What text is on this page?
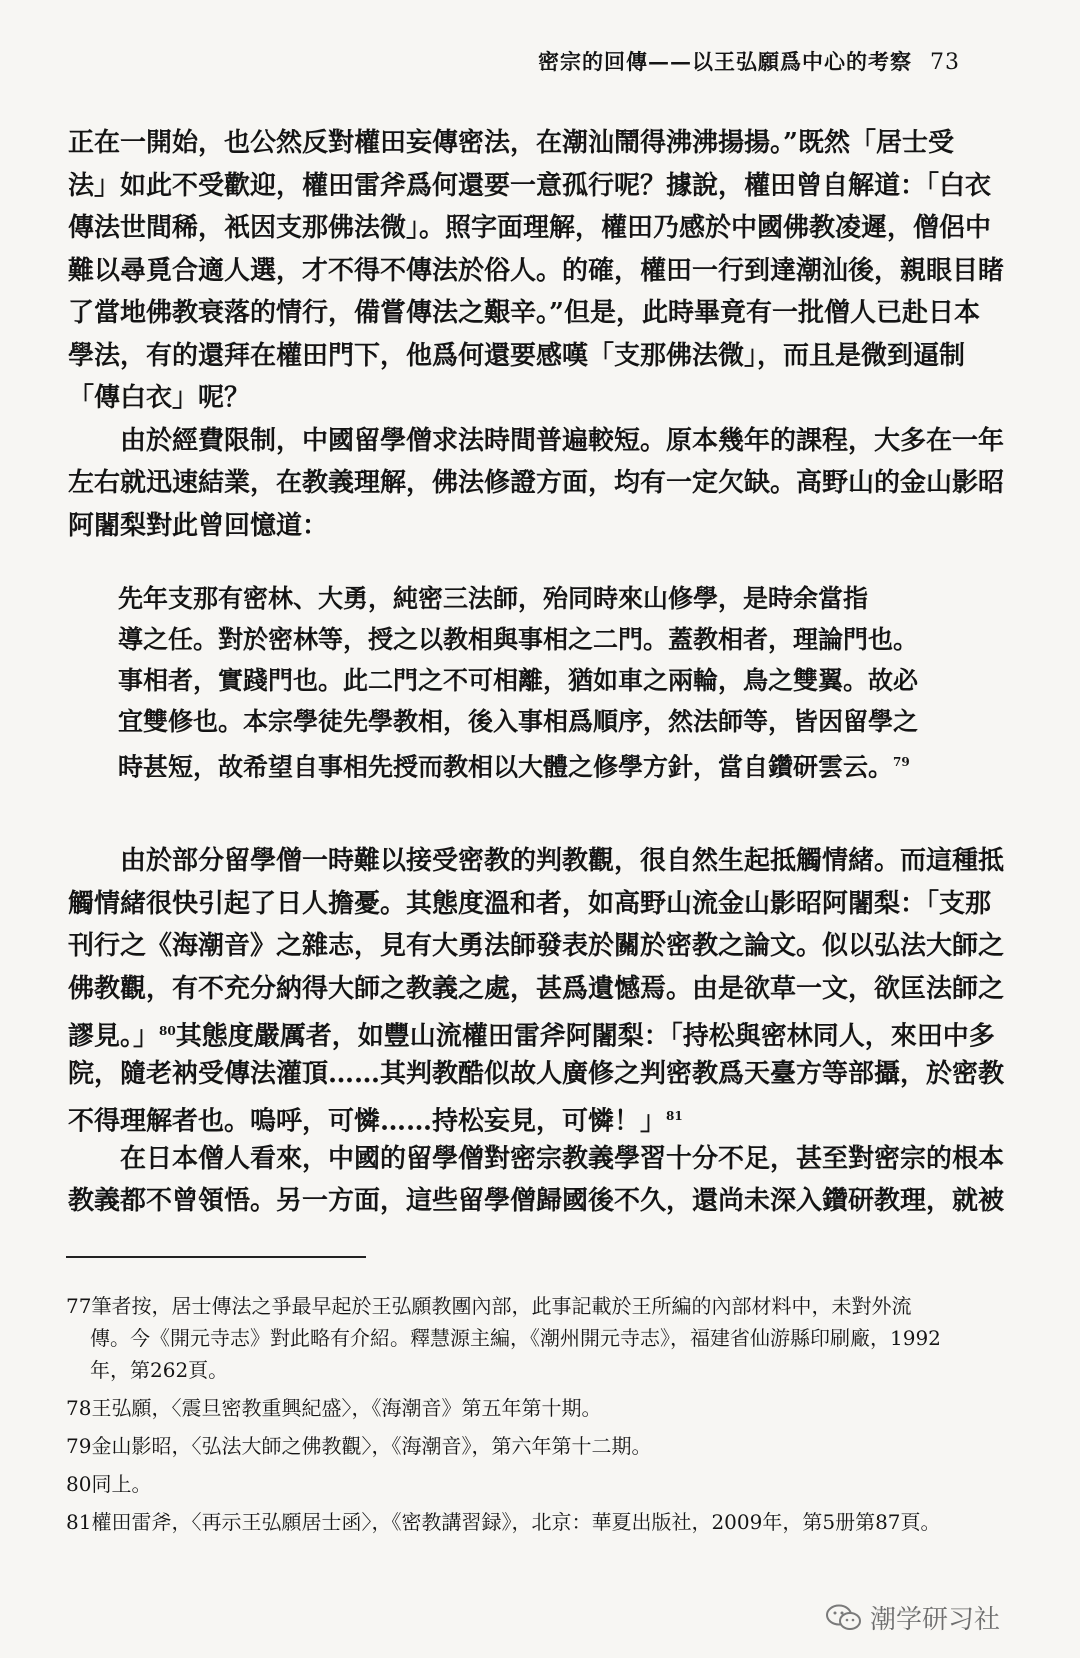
密宗的回傳——以王弘願爲中心的考察 73
正在一開始，也公然反對權田妄傳密法，在潮汕鬧得沸沸揚揚。”既然「居士受
法」如此不受歡迎，權田雷斧爲何還要一意孤行呢？據說，權田曾自解道：「白衣
傳法世間稀，衹因支那佛法微」。照字面理解，權田乃感於中國佛教凌遲，僧侶中
難以尋覓合適人選，才不得不傳法於俗人。的確，權田一行到達潮汕後，親眼目睹
了當地佛教衰落的情行，備嘗傳法之艱辛。”但是，此時畢竟有一批僧人已赴日本
學法，有的還拜在權田門下，他爲何還要感嘆「支那佛法微」，而且是微到逼制
「傳白衣」呢？
由於經費限制，中國留學僧求法時間普遍較短。原本幾年的課程，大多在一年
左右就迅速結業，在教義理解，佛法修證方面，均有一定欠缺。高野山的金山影昭
阿闍梨對此曾回憶道：
先年支那有密林、大勇，純密三法師，殆同時來山修學，是時余當指
導之任。對於密林等，授之以教相與事相之二門。蓋教相者，理論門也。
事相者，實踐門也。此二門之不可相離，猶如車之兩輪，鳥之雙翼。故必
宜雙修也。本宗學徒先學教相，後入事相爲順序，然法師等，皆因留學之
時甚短，故希望自事相先授而教相以大體之修學方針，當自鑽研雲云。$^{79}$
由於部分留學僧一時難以接受密教的判教觀，很自然生起抵觸情緒。而這種抵
觸情緒很快引起了日人擔憂。其態度溫和者，如高野山流金山影昭阿闍梨：「支那
刊行之《海潮音》之雜志，見有大勇法師發表於關於密教之論文。似以弘法大師之
佛教觀，有不充分納得大師之教義之處，甚爲遺憾焉。由是欲草一文，欲匡法師之
謬見。」$^{80}$其態度嚴厲者，如豐山流權田雷斧阿闍梨：「持松與密林同人，來田中多
院，隨老衲受傳法灌頂……其判教酷似故人廣修之判密教爲天臺方等部攝，於密教
不得理解者也。嗚呼，可憐……持松妄見，可憐！」$^{81}$
在日本僧人看來，中國的留學僧對密宗教義學習十分不足，甚至對密宗的根本
教義都不曾領悟。另一方面，這些留學僧歸國後不久，還尚未深入鑽研教理，就被
77筆者按，居士傳法之爭最早起於王弘願教團內部，此事記載於王所編的內部材料中，未對外流
傳。今《開元寺志》對此略有介紹。釋慧源主編，《潮州開元寺志》，福建省仙游縣印刷廠，1992
年，第262頁。
78王弘願，〈震旦密教重興紀盛〉，《海潮音》第五年第十期。
79金山影昭，〈弘法大師之佛教觀〉，《海潮音》，第六年第十二期。
80同上。
81權田雷斧，〈再示王弘願居士函〉，《密教講習録》，北京：華夏出版社，2009年，第5册第87頁。
潮学研习社
